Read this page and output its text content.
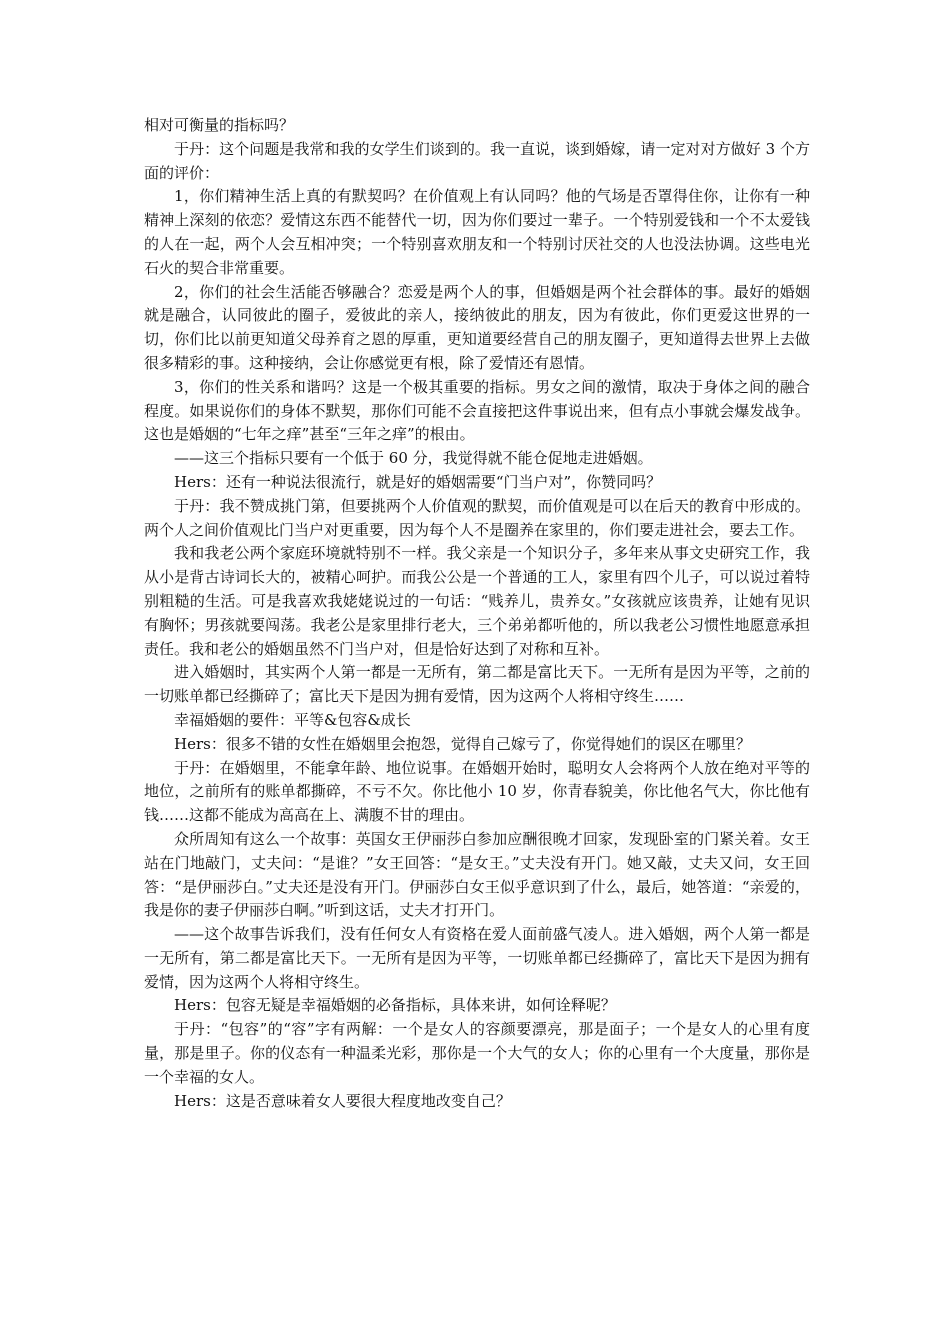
相对可衡量的指标吗？

于丹：这个问题是我常和我的女学生们谈到的。我一直说，谈到婚嫁，请一定对对方做好 3 个方面的评价：

1，你们精神生活上真的有默契吗？在价值观上有认同吗？他的气场是否罩得住你，让你有一种精神上深刻的依恋？爱情这东西不能替代一切，因为你们要过一辈子。一个特别爱钱和一个不太爱钱的人在一起，两个人会互相冲突；一个特别喜欢朋友和一个特别讨厌社交的人也没法协调。这些电光石火的契合非常重要。

2，你们的社会生活能否够融合？恋爱是两个人的事，但婚姻是两个社会群体的事。最好的婚姻就是融合，认同彼此的圈子，爱彼此的亲人，接纳彼此的朋友，因为有彼此，你们更爱这世界的一切，你们比以前更知道父母养育之恩的厚重，更知道要经营自己的朋友圈子，更知道得去世界上去做很多精彩的事。这种接纳，会让你感觉更有根，除了爱情还有恩情。

3，你们的性关系和谐吗？这是一个极其重要的指标。男女之间的激情，取决于身体之间的融合程度。如果说你们的身体不默契，那你们可能不会直接把这件事说出来，但有点小事就会爆发战争。这也是婚姻的“七年之痒”甚至“三年之痒”的根由。

——这三个指标只要有一个低于 60 分，我觉得就不能仓促地走进婚姻。

Hers：还有一种说法很流行，就是好的婚姻需要“门当户对”，你赞同吗？

于丹：我不赞成挑门第，但要挑两个人价值观的默契，而价值观是可以在后天的教育中形成的。两个人之间价值观比门当户对更重要，因为每个人不是圈养在家里的，你们要走进社会，要去工作。

我和我老公两个家庭环境就特别不一样。我父亲是一个知识分子，多年来从事文史研究工作，我从小是背古诗词长大的，被精心呵护。而我公公是一个普通的工人，家里有四个儿子，可以说过着特别粗糙的生活。可是我喜欢我姥姥说过的一句话：“贱养儿，贵养女。”女孩就应该贵养，让她有见识有胸怀；男孩就要闯荡。我老公是家里排行老大，三个弟弟都听他的，所以我老公习惯性地愿意承担责任。我和老公的婚姻虽然不门当户对，但是恰好达到了对称和互补。

进入婚姻时，其实两个人第一都是一无所有，第二都是富比天下。一无所有是因为平等，之前的一切账单都已经撕碎了；富比天下是因为拥有爱情，因为这两个人将相守终生……

幸福婚姻的要件：平等&包容&成长

Hers：很多不错的女性在婚姻里会抱怨，觉得自己嫁亏了，你觉得她们的误区在哪里？

于丹：在婚姻里，不能拿年龄、地位说事。在婚姻开始时，聪明女人会将两个人放在绝对平等的地位，之前所有的账单都撕碎，不亏不欠。你比他小 10 岁，你青春貌美，你比他名气大，你比他有钱……这都不能成为高高在上、满腹不甘的理由。

众所周知有这么一个故事：英国女王伊丽莎白参加应酬很晚才回家，发现卧室的门紧关着。女王站在门地敲门，丈夫问：“是谁？”女王回答：“是女王。”丈夫没有开门。她又敲，丈夫又问，女王回答：“是伊丽莎白。”丈夫还是没有开门。伊丽莎白女王似乎意识到了什么，最后，她答道：“亲爱的，我是你的妻子伊丽莎白啊。”听到这话，丈夫才打开门。

——这个故事告诉我们，没有任何女人有资格在爱人面前盛气凌人。进入婚姻，两个人第一都是一无所有，第二都是富比天下。一无所有是因为平等，一切账单都已经撕碎了，富比天下是因为拥有爱情，因为这两个人将相守终生。

Hers：包容无疑是幸福婚姻的必备指标，具体来讲，如何诠释呢？

于丹：“包容”的“容”字有两解：一个是女人的容颜要漂亮，那是面子；一个是女人的心里有度量，那是里子。你的仪态有一种温柔光彩，那你是一个大气的女人；你的心里有一个大度量，那你是一个幸福的女人。

Hers：这是否意味着女人要很大程度地改变自己？
